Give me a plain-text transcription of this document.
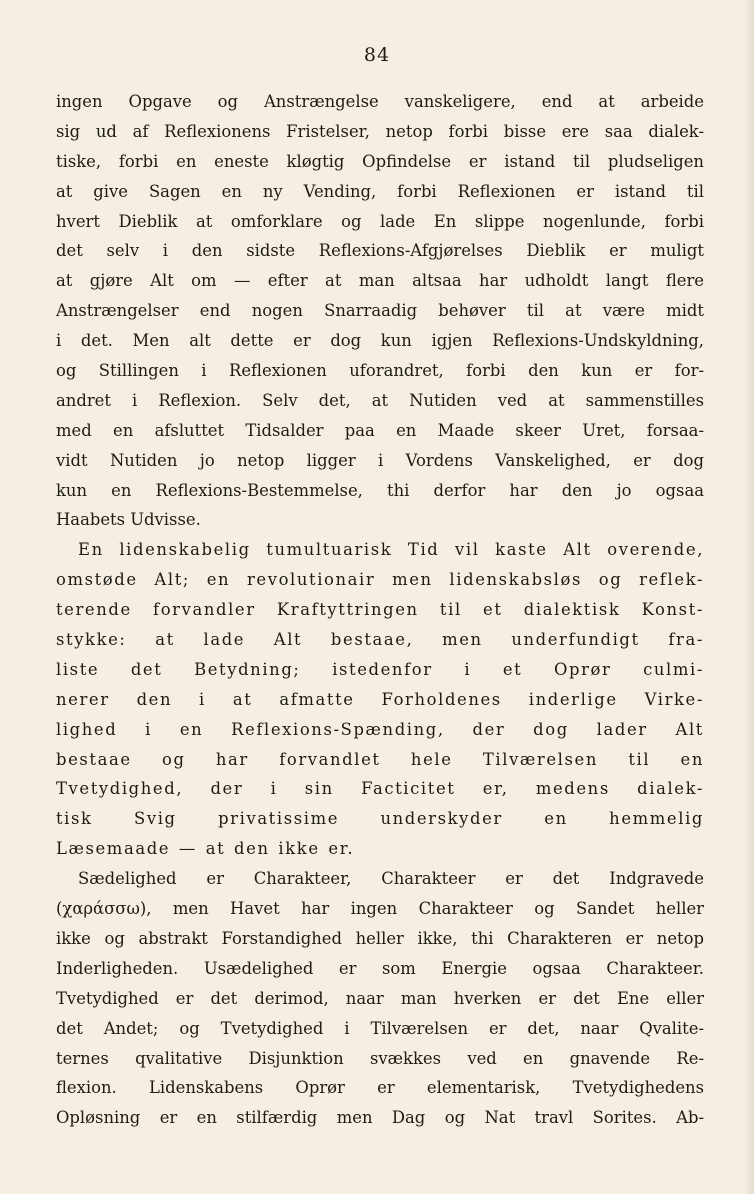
84
ingen Opgave og Anstrængelse vanskeligere, end at arbeide
sig ud af Reflexionens Fristelser, netop forbi bisse ere saa dialek-
tiske, forbi en eneste kløgtig Opfindelse er istand til pludseligen
at give Sagen en ny Vending, forbi Reflexionen er istand til
hvert Dieblik at omforklare og lade En slippe nogenlunde, forbi
det selv i den sidste Reflexions-Afgjørelses Dieblik er muligt
at gjøre Alt om — efter at man altsaa har udholdt langt flere
Anstrængelser end nogen Snarraadig behøver til at være midt
i det. Men alt dette er dog kun igjen Reflexions-Undskyldning,
og Stillingen i Reflexionen uforandret, forbi den kun er for-
andret i Reflexion. Selv det, at Nutiden ved at sammenstilles
med en afsluttet Tidsalder paa en Maade skeer Uret, forsaa-
vidt Nutiden jo netop ligger i Vordens Vanskelighed, er dog
kun en Reflexions-Bestemmelse, thi derfor har den jo ogsaa
Haabets Udvisse.
En lidenskabelig tumultuarisk Tid vil kaste Alt overende,
omstøde Alt; en revolutionair men lidenskabsløs og reflek-
terende forvandler Kraftyttringen til et dialektisk Konst-
stykke: at lade Alt bestaae, men underfundigt fra-
liste det Betydning; istedenfor i et Oprør culmi-
nerer den i at afmatte Forholdenes inderlige Virke-
lighed i en Reflexions-Spænding, der dog lader Alt
bestaae og har forvandlet hele Tilværelsen til en
Tvetydighed, der i sin Facticitet er, medens dialek-
tisk Svig privatissime underskyder en hemmelig
Læsemaade — at den ikke er.
Sædelighed er Charakteer, Charakteer er det Indgravede
(χαράσσω), men Havet har ingen Charakteer og Sandet heller
ikke og abstrakt Forstandighed heller ikke, thi Charakteren er netop
Inderligheden. Usædelighed er som Energie ogsaa Charakteer.
Tvetydighed er det derimod, naar man hverken er det Ene eller
det Andet; og Tvetydighed i Tilværelsen er det, naar Qvalite-
ternes qvalitative Disjunktion svækkes ved en gnavende Re-
flexion. Lidenskabens Oprør er elementarisk, Tvetydighedens
Opløsning er en stilfærdig men Dag og Nat travl Sorites. Ab-
